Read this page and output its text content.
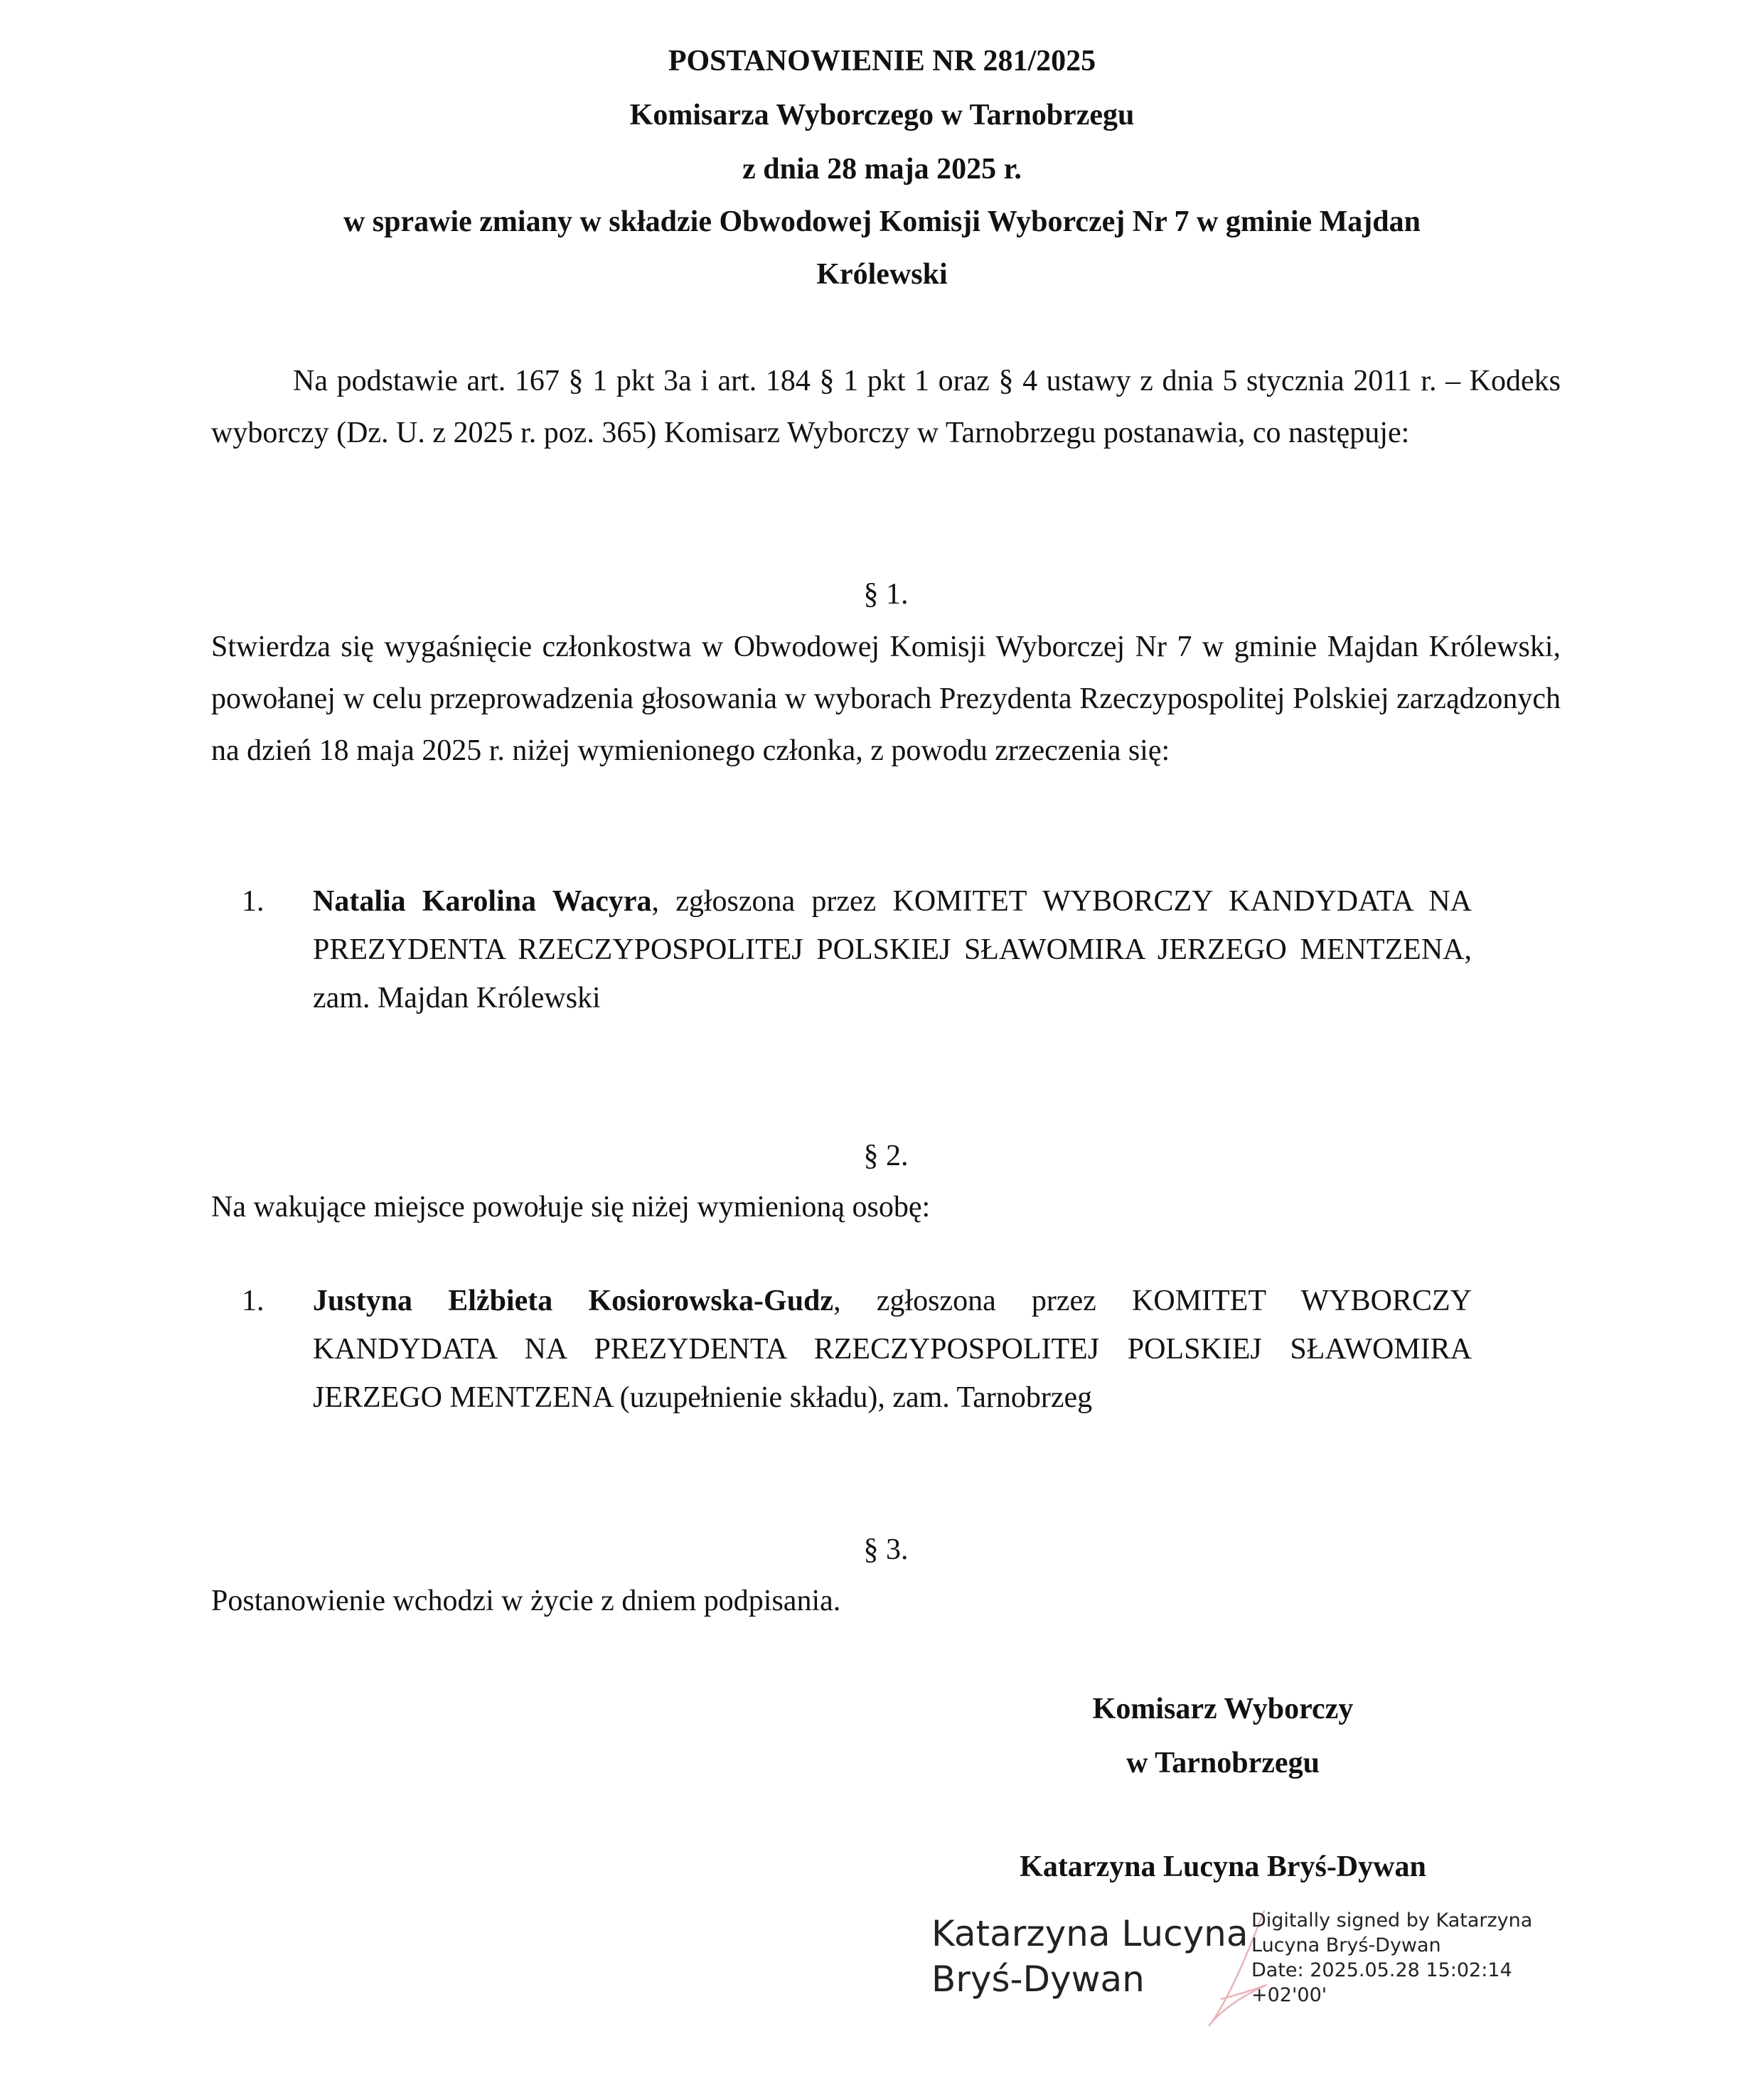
POSTANOWIENIE NR 281/2025
Komisarza Wyborczego w Tarnobrzegu
z dnia 28 maja 2025 r.
w sprawie zmiany w składzie Obwodowej Komisji Wyborczej Nr 7 w gminie Majdan
Królewski
Na podstawie art. 167 § 1 pkt 3a i art. 184 § 1 pkt 1 oraz § 4 ustawy z dnia 5 stycznia 2011 r. – Kodeks wyborczy (Dz. U. z 2025 r. poz. 365) Komisarz Wyborczy w Tarnobrzegu postanawia, co następuje:
§ 1.
Stwierdza się wygaśnięcie członkostwa w Obwodowej Komisji Wyborczej Nr 7 w gminie Majdan Królewski, powołanej w celu przeprowadzenia głosowania w wyborach Prezydenta Rzeczypospolitej Polskiej zarządzonych na dzień 18 maja 2025 r. niżej wymienionego członka, z powodu zrzeczenia się:
1. Natalia Karolina Wacyra, zgłoszona przez KOMITET WYBORCZY KANDYDATA NA PREZYDENTA RZECZYPOSPOLITEJ POLSKIEJ SŁAWOMIRA JERZEGO MENTZENA, zam. Majdan Królewski
§ 2.
Na wakujące miejsce powołuje się niżej wymienioną osobę:
1. Justyna Elżbieta Kosiorowska-Gudz, zgłoszona przez KOMITET WYBORCZY KANDYDATA NA PREZYDENTA RZECZYPOSPOLITEJ POLSKIEJ SŁAWOMIRA JERZEGO MENTZENA (uzupełnienie składu), zam. Tarnobrzeg
§ 3.
Postanowienie wchodzi w życie z dniem podpisania.
Komisarz Wyborczy
w Tarnobrzegu
Katarzyna Lucyna Bryś-Dywan
Katarzyna Lucyna
Bryś-Dywan
Digitally signed by Katarzyna
Lucyna Bryś-Dywan
Date: 2025.05.28 15:02:14
+02'00'
